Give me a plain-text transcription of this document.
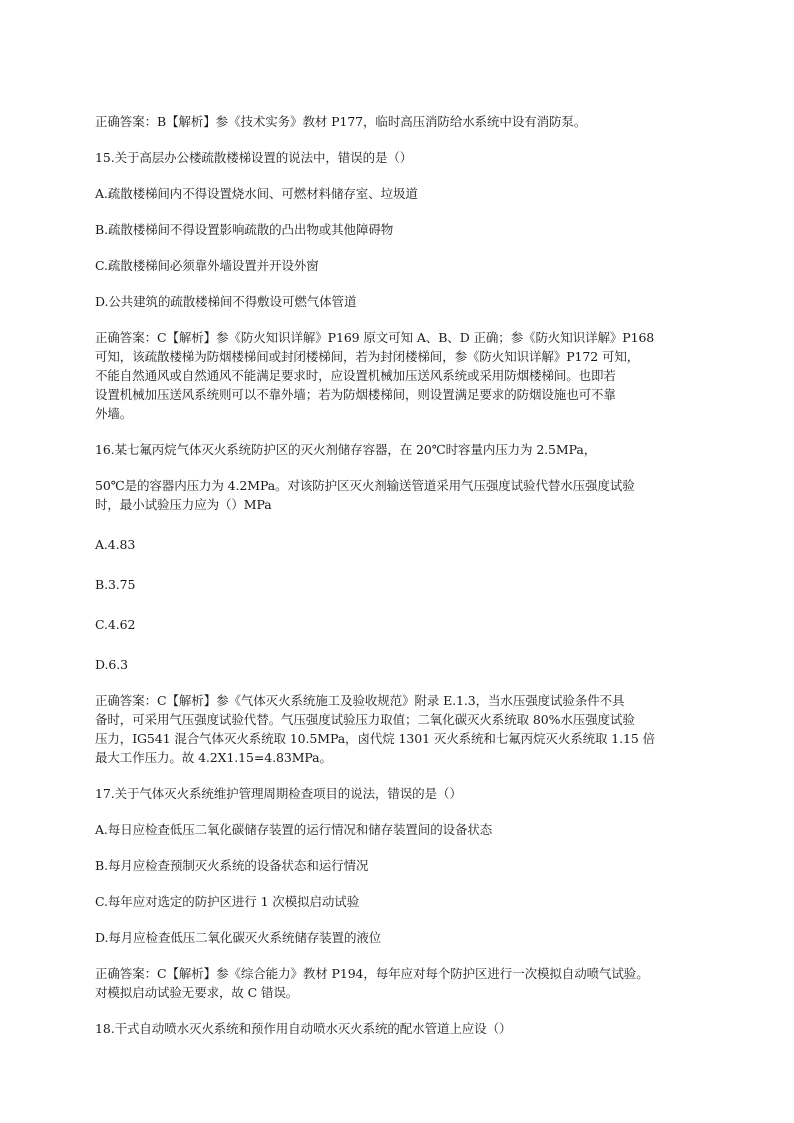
正确答案：B【解析】参《技术实务》教材 P177，临时高压消防给水系统中设有消防泵。

15.关于高层办公楼疏散楼梯设置的说法中，错误的是（）

A.疏散楼梯间内不得设置烧水间、可燃材料储存室、垃圾道

B.疏散楼梯间不得设置影响疏散的凸出物或其他障碍物

C.疏散楼梯间必须靠外墙设置并开设外窗

D.公共建筑的疏散楼梯间不得敷设可燃气体管道

正确答案：C【解析】参《防火知识详解》P169 原文可知 A、B、D 正确；参《防火知识详解》P168
可知，该疏散楼梯为防烟楼梯间或封闭楼梯间，若为封闭楼梯间，参《防火知识详解》P172 可知，
不能自然通风或自然通风不能满足要求时，应设置机械加压送风系统或采用防烟楼梯间。也即若
设置机械加压送风系统则可以不靠外墙；若为防烟楼梯间，则设置满足要求的防烟设施也可不靠
外墙。

16.某七氟丙烷气体灭火系统防护区的灭火剂储存容器，在 20℃时容量内压力为 2.5MPa，

50℃是的容器内压力为 4.2MPa。对该防护区灭火剂输送管道采用气压强度试验代替水压强度试验
时，最小试验压力应为（）MPa

A.4.83

B.3.75

C.4.62

D.6.3

正确答案：C【解析】参《气体灭火系统施工及验收规范》附录 E.1.3，当水压强度试验条件不具
备时，可采用气压强度试验代替。气压强度试验压力取值；二氧化碳灭火系统取 80%水压强度试验
压力，IG541 混合气体灭火系统取 10.5MPa，卤代烷 1301 灭火系统和七氟丙烷灭火系统取 1.15 倍
最大工作压力。故 4.2X1.15=4.83MPa。

17.关于气体灭火系统维护管理周期检查项目的说法，错误的是（）

A.每日应检查低压二氧化碳储存装置的运行情况和储存装置间的设备状态

B.每月应检查预制灭火系统的设备状态和运行情况

C.每年应对选定的防护区进行 1 次模拟启动试验

D.每月应检查低压二氧化碳灭火系统储存装置的液位

正确答案：C【解析】参《综合能力》教材 P194，每年应对每个防护区进行一次模拟自动喷气试验。
对模拟启动试验无要求，故 C 错误。

18.干式自动喷水灭火系统和预作用自动喷水灭火系统的配水管道上应设（）
